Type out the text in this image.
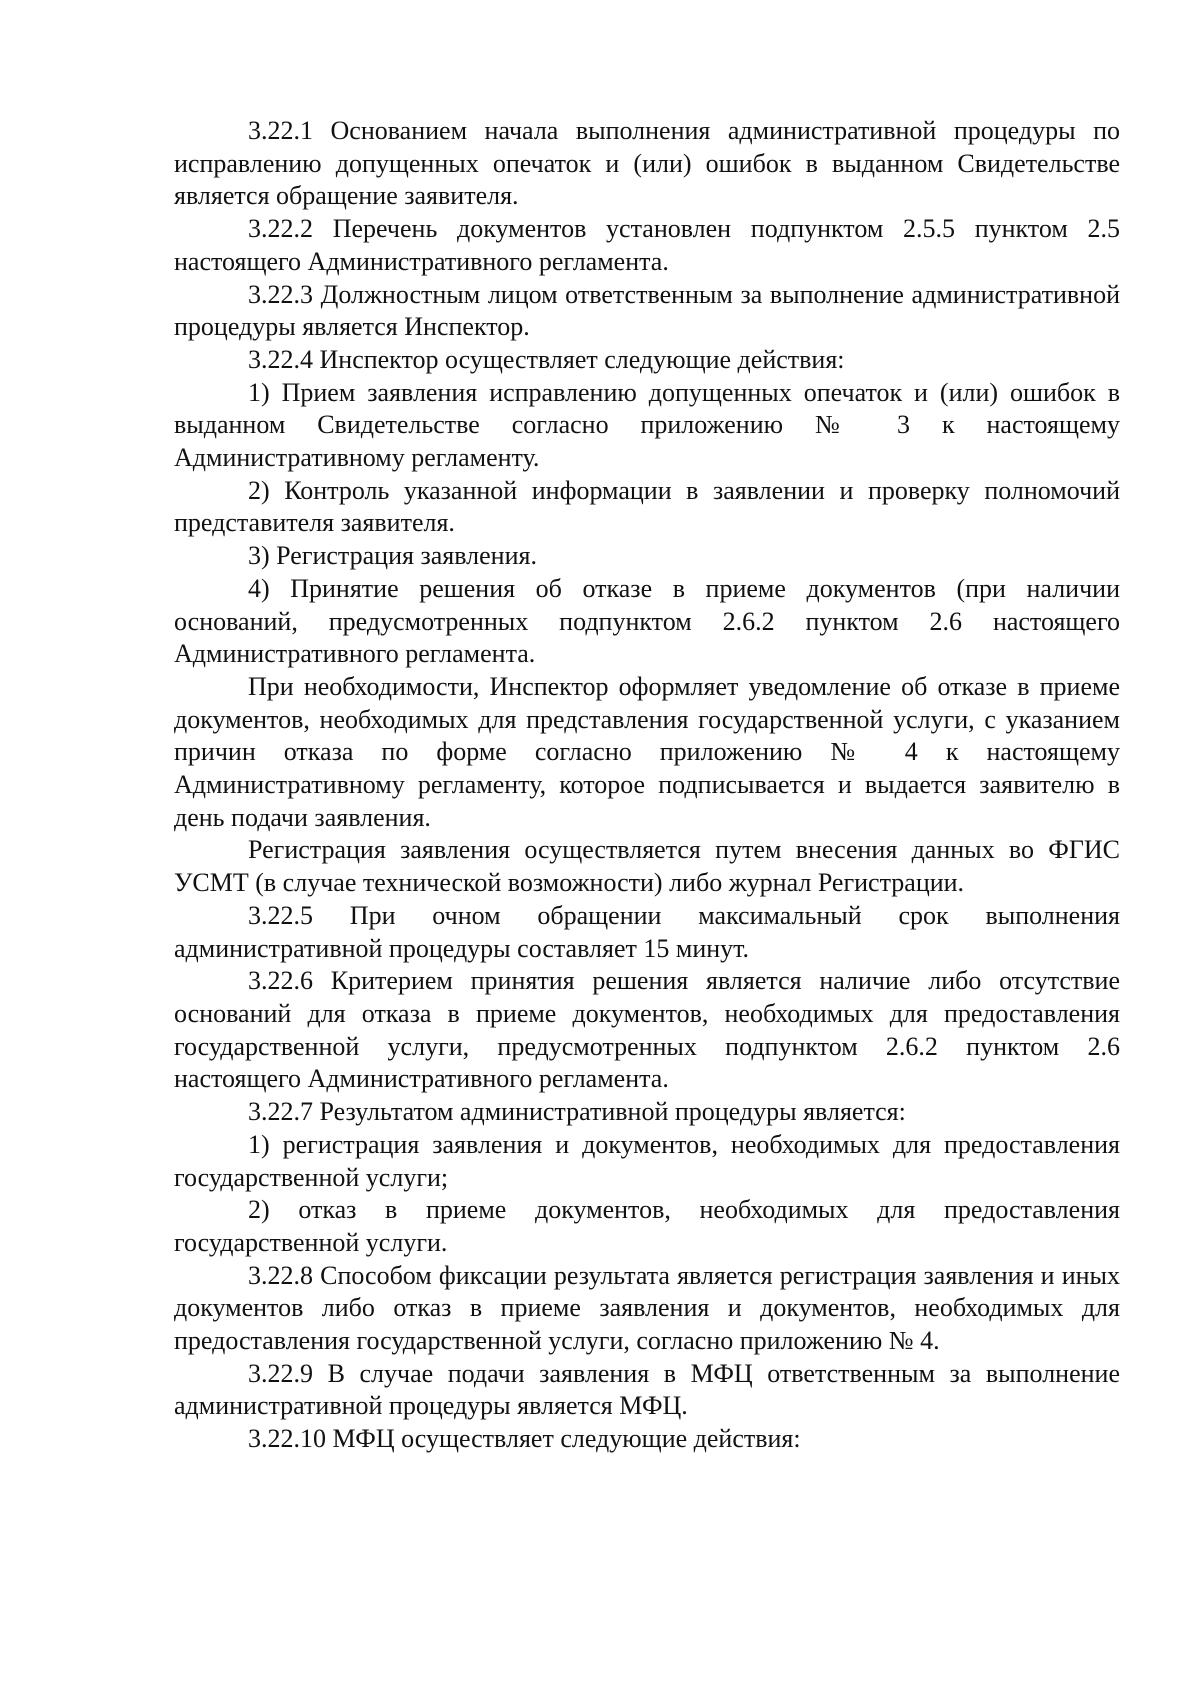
3.22.1 Основанием начала выполнения административной процедуры по исправлению допущенных опечаток и (или) ошибок в выданном Свидетельстве является обращение заявителя.

3.22.2 Перечень документов установлен подпунктом 2.5.5 пунктом 2.5 настоящего Административного регламента.

3.22.3 Должностным лицом ответственным за выполнение административной процедуры является Инспектор.

3.22.4 Инспектор осуществляет следующие действия:

1) Прием заявления исправлению допущенных опечаток и (или) ошибок в выданном Свидетельстве согласно приложению № 3 к настоящему Административному регламенту.

2) Контроль указанной информации в заявлении и проверку полномочий представителя заявителя.

3) Регистрация заявления.

4) Принятие решения об отказе в приеме документов (при наличии оснований, предусмотренных подпунктом 2.6.2 пунктом 2.6 настоящего Административного регламента.

При необходимости, Инспектор оформляет уведомление об отказе в приеме документов, необходимых для представления государственной услуги, с указанием причин отказа по форме согласно приложению № 4 к настоящему Административному регламенту, которое подписывается и выдается заявителю в день подачи заявления.

Регистрация заявления осуществляется путем внесения данных во ФГИС УСМТ (в случае технической возможности) либо журнал Регистрации.

3.22.5 При очном обращении максимальный срок выполнения административной процедуры составляет 15 минут.

3.22.6 Критерием принятия решения является наличие либо отсутствие оснований для отказа в приеме документов, необходимых для предоставления государственной услуги, предусмотренных подпунктом 2.6.2 пунктом 2.6 настоящего Административного регламента.

3.22.7 Результатом административной процедуры является:

1) регистрация заявления и документов, необходимых для предоставления государственной услуги;

2) отказ в приеме документов, необходимых для предоставления государственной услуги.

3.22.8 Способом фиксации результата является регистрация заявления и иных документов либо отказ в приеме заявления и документов, необходимых для предоставления государственной услуги, согласно приложению № 4.

3.22.9 В случае подачи заявления в МФЦ ответственным за выполнение административной процедуры является МФЦ.

3.22.10 МФЦ осуществляет следующие действия:
